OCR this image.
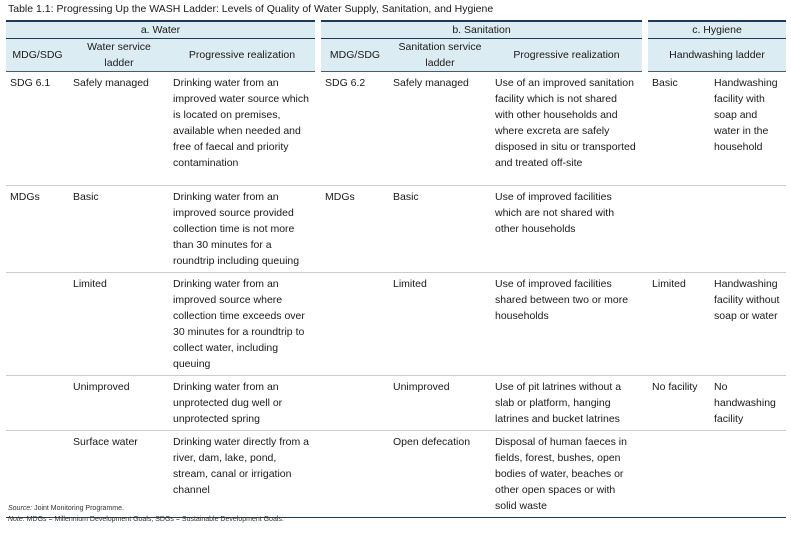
Table 1.1: Progressing Up the WASH Ladder: Levels of Quality of Water Supply, Sanitation, and Hygiene
a. Water				b. Sanitation				c. Hygiene	
MDG/SDG	Water service ladder	Progressive realization		MDG/SDG	Sanitation service ladder	Progressive realization		Handwashing ladder	
SDG 6.1	Safely managed	Drinking water from an improved water source which is located on premises, available when needed and free of faecal and priority contamination		SDG 6.2	Safely managed	Use of an improved sanitation facility which is not shared with other households and where excreta are safely disposed in situ or transported and treated off-site		Basic	Handwashing facility with soap and water in the household
MDGs	Basic	Drinking water from an improved source provided collection time is not more than 30 minutes for a roundtrip including queuing		MDGs	Basic	Use of improved facilities which are not shared with other households			
	Limited	Drinking water from an improved source where collection time exceeds over 30 minutes for a roundtrip to collect water, including queuing			Limited	Use of improved facilities shared between two or more households		Limited	Handwashing facility without soap or water
	Unimproved	Drinking water from an unprotected dug well or unprotected spring			Unimproved	Use of pit latrines without a slab or platform, hanging latrines and bucket latrines		No facility	No handwashing facility
	Surface water	Drinking water directly from a river, dam, lake, pond, stream, canal or irrigation channel			Open defecation	Disposal of human faeces in fields, forest, bushes, open bodies of water, beaches or other open spaces or with solid waste			
Source: Joint Monitoring Programme.
Note: MDGs = Millennium Development Goals; SDGs = Sustainable Development Goals.
